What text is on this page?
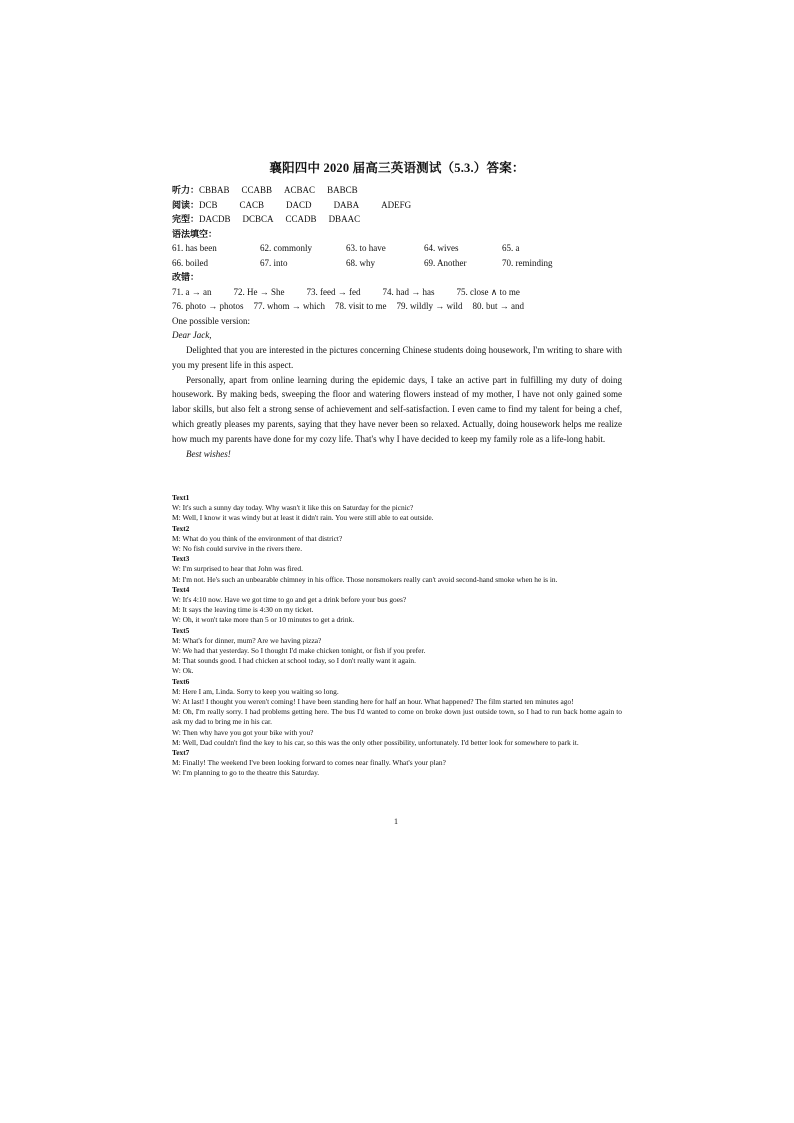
襄阳四中 2020 届高三英语测试（5.3.）答案：
听力：CBBAB CCABB ACBAC BABCB
阅读：DCB CACB DACD DABA ADEFG
完型：DACDB DCBCA CCADB DBAAC
语法填空：
61. has been	62. commonly	63. to have	64. wives	65. a
66. boiled	67. into	68. why	69. Another	70. reminding
改错：
71. a → an 72. He → She 73. feed → fed 74. had → has 75. close ∧ to me
76. photo → photos 77. whom → which 78. visit to me 79. wildly → wild 80. but → and

One possible version:

Dear Jack,

Delighted that you are interested in the pictures concerning Chinese students doing housework, I'm writing to share with you my present life in this aspect.

Personally, apart from online learning during the epidemic days, I take an active part in fulfilling my duty of doing housework. By making beds, sweeping the floor and watering flowers instead of my mother, I have not only gained some labor skills, but also felt a strong sense of achievement and self-satisfaction. I even came to find my talent for being a chef, which greatly pleases my parents, saying that they have never been so relaxed. Actually, doing housework helps me realize how much my parents have done for my cozy life. That's why I have decided to keep my family role as a life-long habit.

Best wishes!

Text1
W: It's such a sunny day today. Why wasn't it like this on Saturday for the picnic?
M: Well, I know it was windy but at least it didn't rain. You were still able to eat outside.
Text2
M: What do you think of the environment of that district?
W: No fish could survive in the rivers there.
Text3
W: I'm surprised to hear that John was fired.
M: I'm not. He's such an unbearable chimney in his office. Those nonsmokers really can't avoid second-hand smoke when he is in.
Text4
W: It's 4:10 now. Have we got time to go and get a drink before your bus goes?
M: It says the leaving time is 4:30 on my ticket.
W: Oh, it won't take more than 5 or 10 minutes to get a drink.
Text5
M: What's for dinner, mum? Are we having pizza?
W: We had that yesterday. So I thought I'd make chicken tonight, or fish if you prefer.
M: That sounds good. I had chicken at school today, so I don't really want it again.
W: Ok.
Text6
M: Here I am, Linda. Sorry to keep you waiting so long.
W: At last! I thought you weren't coming! I have been standing here for half an hour. What happened? The film started ten minutes ago!
M: Oh, I'm really sorry. I had problems getting here. The bus I'd wanted to come on broke down just outside town, so I had to run back home again to ask my dad to bring me in his car.
W: Then why have you got your bike with you?
M: Well, Dad couldn't find the key to his car, so this was the only other possibility, unfortunately. I'd better look for somewhere to park it.
Text7
M: Finally! The weekend I've been looking forward to comes near finally. What's your plan?
W: I'm planning to go to the theatre this Saturday.
1
